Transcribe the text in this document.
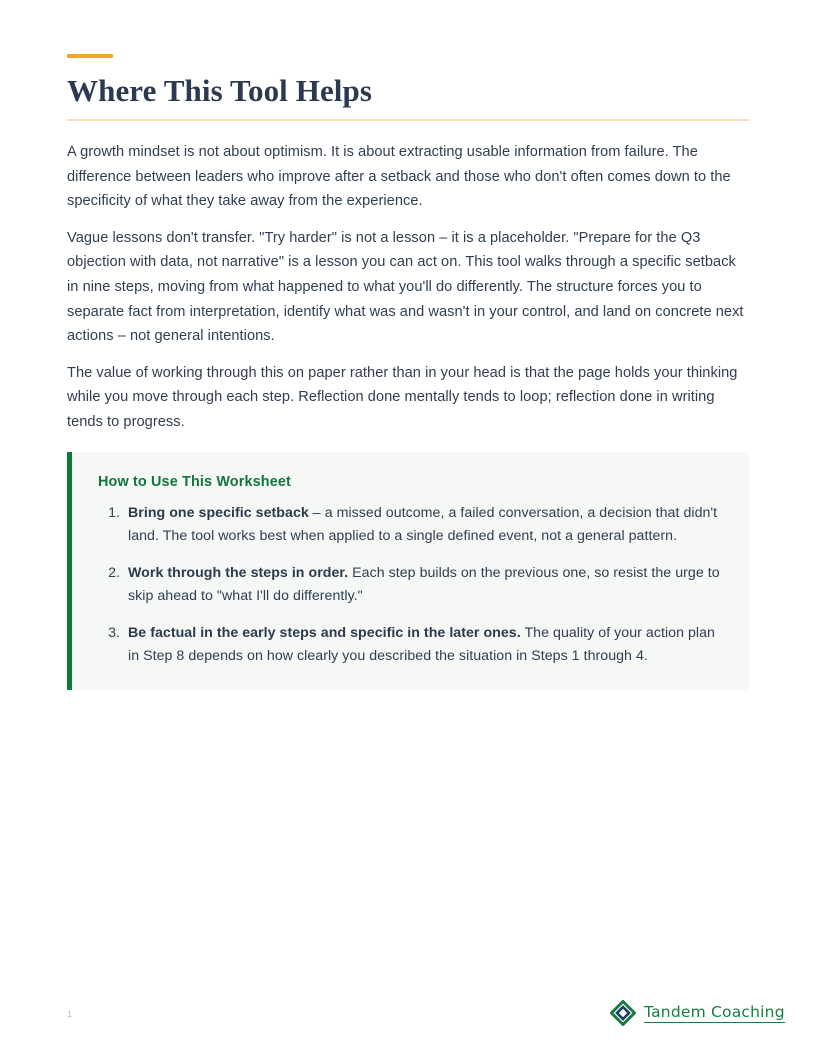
Where This Tool Helps

A growth mindset is not about optimism. It is about extracting usable information from failure. The difference between leaders who improve after a setback and those who don't often comes down to the specificity of what they take away from the experience.

Vague lessons don't transfer. "Try harder" is not a lesson – it is a placeholder. "Prepare for the Q3 objection with data, not narrative" is a lesson you can act on. This tool walks through a specific setback in nine steps, moving from what happened to what you'll do differently. The structure forces you to separate fact from interpretation, identify what was and wasn't in your control, and land on concrete next actions – not general intentions.

The value of working through this on paper rather than in your head is that the page holds your thinking while you move through each step. Reflection done mentally tends to loop; reflection done in writing tends to progress.

How to Use This Worksheet
1. Bring one specific setback – a missed outcome, a failed conversation, a decision that didn't land. The tool works best when applied to a single defined event, not a general pattern.
2. Work through the steps in order. Each step builds on the previous one, so resist the urge to skip ahead to "what I'll do differently."
3. Be factual in the early steps and specific in the later ones. The quality of your action plan in Step 8 depends on how clearly you described the situation in Steps 1 through 4.
1	Tandem Coaching
